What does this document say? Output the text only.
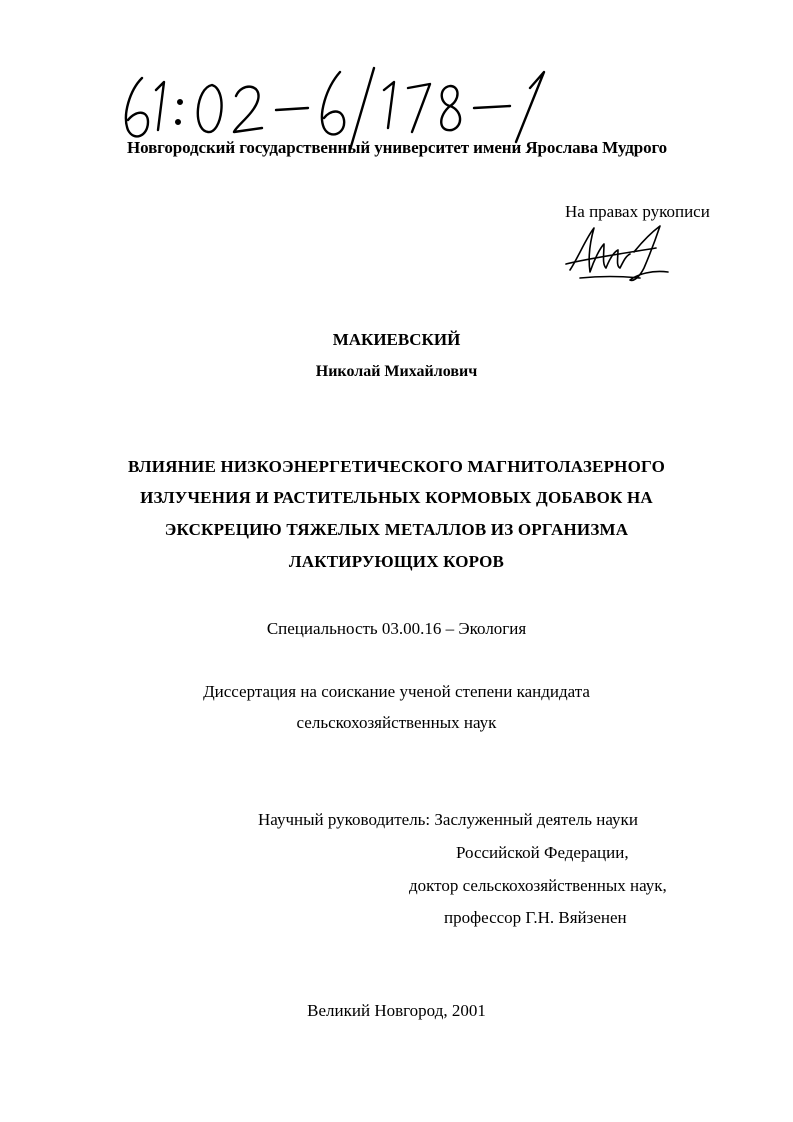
Новгородский государственный университет имени Ярослава Мудрого
На правах рукописи
МАКИЕВСКИЙ
Николай Михайлович
ВЛИЯНИЕ НИЗКОЭНЕРГЕТИЧЕСКОГО МАГНИТОЛАЗЕРНОГО
ИЗЛУЧЕНИЯ И РАСТИТЕЛЬНЫХ КОРМОВЫХ ДОБАВОК НА
ЭКСКРЕЦИЮ ТЯЖЕЛЫХ МЕТАЛЛОВ ИЗ ОРГАНИЗМА
ЛАКТИРУЮЩИХ КОРОВ
Специальность 03.00.16 – Экология
Диссертация на соискание ученой степени кандидата
сельскохозяйственных наук
Научный руководитель: Заслуженный деятель науки
Российской Федерации,
доктор сельскохозяйственных наук,
профессор Г.Н. Вяйзенен
Великий Новгород, 2001
